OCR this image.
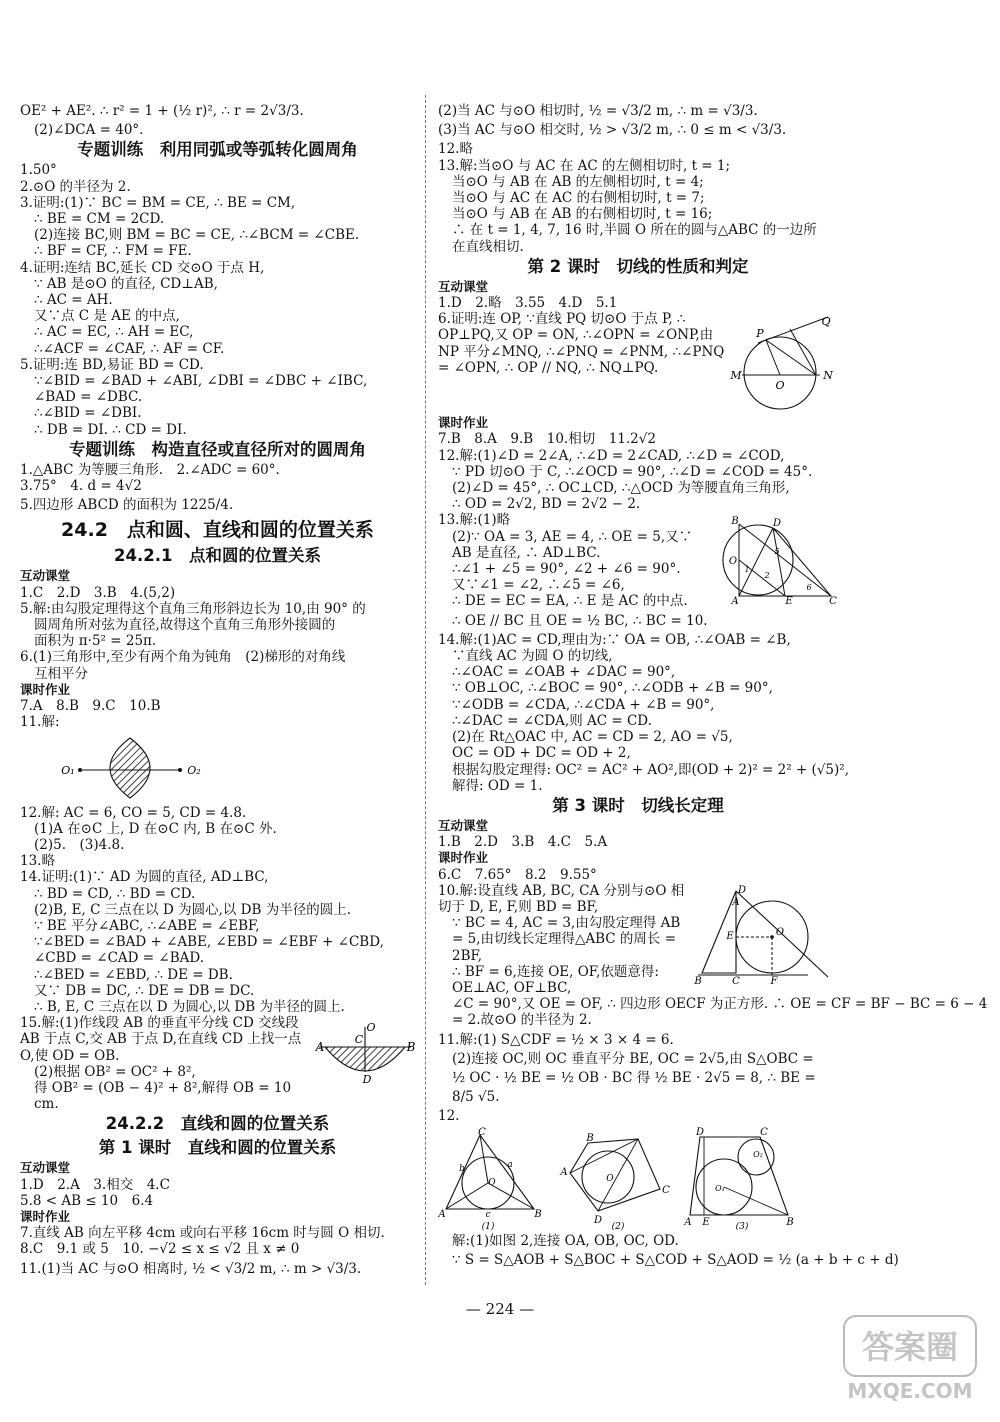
OE² + AE². ∴ r² = 1 + (½ r)², ∴ r = 2√3/3.
(2)∠DCA = 40°.
专题训练　利用同弧或等弧转化圆周角
1.50°
2.⊙O 的半径为 2.
3.证明:(1)∵ BC = BM = CE, ∴ BE = CM,
∴ BE = CM = 2CD.
(2)连接 BC,则 BM = BC = CE, ∴∠BCM = ∠CBE.
∴ BF = CF, ∴ FM = FE.
4.证明:连结 BC,延长 CD 交⊙O 于点 H,
∵ AB 是⊙O 的直径, CD⊥AB,
∴ AC = AH.
又∵点 C 是 AE 的中点,
∴ AC = EC, ∴ AH = EC,
∴∠ACF = ∠CAF, ∴ AF = CF.
5.证明:连 BD,易证 BD = CD.
∵∠BID = ∠BAD + ∠ABI, ∠DBI = ∠DBC + ∠IBC,
∠BAD = ∠DBC.
∴∠BID = ∠DBI.
∴ DB = DI. ∴ CD = DI.
专题训练　构造直径或直径所对的圆周角
1.△ABC 为等腰三角形.　2.∠ADC = 60°.
3.75°　4. d = 4√2
5.四边形 ABCD 的面积为 1225/4.
24.2　点和圆、直线和圆的位置关系
24.2.1　点和圆的位置关系
互动课堂
1.C　2.D　3.B　4.(5,2)
5.解:由勾股定理得这个直角三角形斜边长为 10,由 90° 的
圆周角所对弦为直径,故得这个直角三角形外接圆的
面积为 π·5² = 25π.
6.(1)三角形中,至少有两个角为钝角　(2)梯形的对角线
互相平分
课时作业
7.A　8.B　9.C　10.B
11.解:
O₁	O₂
12.解: AC = 6, CO = 5, CD = 4.8.
(1)A 在⊙C 上, D 在⊙C 内, B 在⊙C 外.
(2)5.　(3)4.8.
13.略
14.证明:(1)∵ AD 为圆的直径, AD⊥BC,
∴ BD = CD, ∴ BD = CD.
(2)B, E, C 三点在以 D 为圆心,以 DB 为半径的圆上.
∵ BE 平分∠ABC, ∴∠ABE = ∠EBF,
∵∠BED = ∠BAD + ∠ABE, ∠EBD = ∠EBF + ∠CBD,
∠CBD = ∠CAD = ∠BAD.
∴∠BED = ∠EBD, ∴ DE = DB.
又∵ DB = DC, ∴ DE = DB = DC.
∴ B, E, C 三点在以 D 为圆心,以 DB 为半径的圆上.
15.解:(1)作线段 AB 的垂直平分线 CD 交线段 AB 于点 C,交 AB 于点 D,在直线 CD 上找一点 O,使 OD = OB.
(2)根据 OB² = OC² + 8²,
得 OB² = (OB − 4)² + 8²,解得 OB = 10 cm.
A	B
C
D
O
24.2.2　直线和圆的位置关系
第 1 课时　直线和圆的位置关系
互动课堂
1.D　2.A　3.相交　4.C
5.8 < AB ≤ 10　6.4
课时作业
7.直线 AB 向左平移 4cm 或向右平移 16cm 时与圆 O 相切.
8.C　9.1 或 5　10. −√2 ≤ x ≤ √2 且 x ≠ 0
11.(1)当 AC 与⊙O 相离时, ½ < √3/2 m, ∴ m > √3/3.
(2)当 AC 与⊙O 相切时, ½ = √3/2 m, ∴ m = √3/3.
(3)当 AC 与⊙O 相交时, ½ > √3/2 m, ∴ 0 ≤ m < √3/3.
12.略
13.解:当⊙O 与 AC 在 AC 的左侧相切时, t = 1;
当⊙O 与 AB 在 AB 的左侧相切时, t = 4;
当⊙O 与 AC 在 AC 的右侧相切时, t = 7;
当⊙O 与 AB 在 AB 的右侧相切时, t = 16;
∴ 在 t = 1, 4, 7, 16 时,半圆 O 所在的圆与△ABC 的一边所
在直线相切.
第 2 课时　切线的性质和判定
互动课堂
1.D　2.略　3.55　4.D　5.1
6.证明:连 OP, ∵直线 PQ 切⊙O 于点 P, ∴ OP⊥PQ,又 OP = ON, ∴∠OPN = ∠ONP,由 NP 平分∠MNQ, ∴∠PNQ = ∠PNM, ∴∠PNQ = ∠OPN, ∴ OP // NQ, ∴ NQ⊥PQ.
P
Q
M
O
N
课时作业
7.B　8.A　9.B　10.相切　11.2√2
12.解:(1)∠D = 2∠A, ∴∠D = 2∠CAD, ∴∠D = ∠COD,
∵ PD 切⊙O 于 C, ∴∠OCD = 90°, ∴∠D = ∠COD = 45°.
(2)∠D = 45°, ∴ OC⊥CD, ∴△OCD 为等腰直角三角形,
∴ OD = 2√2, BD = 2√2 − 2.
13.解:(1)略
(2)∵ OA = 3, AE = 4, ∴ OE = 5,又∵ AB 是直径, ∴ AD⊥BC.
∴∠1 + ∠5 = 90°, ∠2 + ∠6 = 90°.
又∵∠1 = ∠2, ∴∠5 = ∠6,
∴ DE = EC = EA, ∴ E 是 AC 的中点.
B	D
O
A	E	C
1
2
5
6
∴ OE // BC 且 OE = ½ BC, ∴ BC = 10.
14.解:(1)AC = CD,理由为:∵ OA = OB, ∴∠OAB = ∠B,
∵直线 AC 为圆 O 的切线,
∴∠OAC = ∠OAB + ∠DAC = 90°,
∵ OB⊥OC, ∴∠BOC = 90°, ∴∠ODB + ∠B = 90°,
∵∠ODB = ∠CDA, ∴∠CDA + ∠B = 90°,
∴∠DAC = ∠CDA,则 AC = CD.
(2)在 Rt△OAC 中, AC = CD = 2, AO = √5,
OC = OD + DC = OD + 2,
根据勾股定理得: OC² = AC² + AO²,即(OD + 2)² = 2² + (√5)²,
解得: OD = 1.
第 3 课时　切线长定理
互动课堂
1.B　2.D　3.B　4.C　5.A
课时作业
6.C　7.65°　8.2　9.55°
10.解:设直线 AB, BC, CA 分别与⊙O 相切于 D, E, F,则 BD = BF,
∵ BC = 4, AC = 3,由勾股定理得 AB = 5,由切线长定理得△ABC 的周长 = 2BF,
∴ BF = 6,连接 OE, OF,依题意得: OE⊥AC, OF⊥BC,
D
E	O
A
B	C	F
∠C = 90°,又 OE = OF, ∴ 四边形 OECF 为正方形. ∴ OE = CF = BF − BC = 6 − 4
= 2.故⊙O 的半径为 2.
11.解:(1) S△CDF = ½ × 3 × 4 = 6.
(2)连接 OC,则 OC 垂直平分 BE, OC = 2√5,由 S△OBC =
½ OC · ½ BE = ½ OB · BC 得 ½ BE · 2√5 = 8, ∴ BE =
8/5 √5.
12.
C
a
b
O
A	c	B
(1)
B
A
O
C
D
(2)
D	C
O₂
O₁
A E	B
(3)
解:(1)如图 2,连接 OA, OB, OC, OD.
∵ S = S△AOB + S△BOC + S△COD + S△AOD = ½ (a + b + c + d)
— 224 —
答案圈
MXQE.COM
